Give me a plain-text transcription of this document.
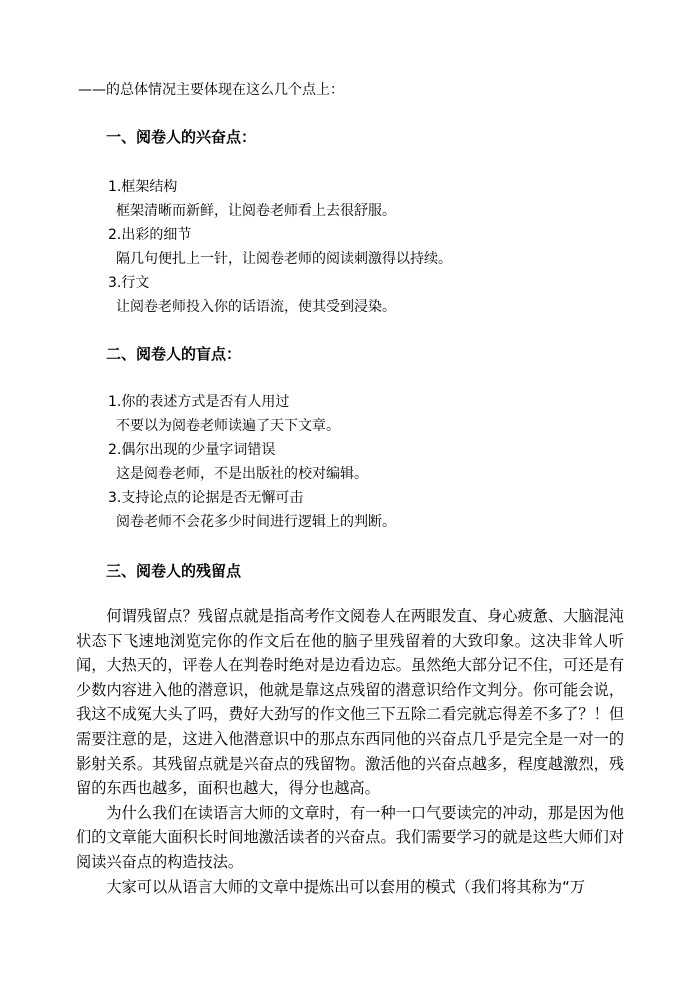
——的总体情况主要体现在这么几个点上：
一、阅卷人的兴奋点：
1.框架结构
框架清晰而新鲜，让阅卷老师看上去很舒服。
2.出彩的细节
隔几句便扎上一针，让阅卷老师的阅读刺激得以持续。
3.行文
让阅卷老师投入你的话语流，使其受到浸染。
二、阅卷人的盲点：
1.你的表述方式是否有人用过
不要以为阅卷老师读遍了天下文章。
2.偶尔出现的少量字词错误
这是阅卷老师，不是出版社的校对编辑。
3.支持论点的论据是否无懈可击
阅卷老师不会花多少时间进行逻辑上的判断。
三、阅卷人的残留点

何谓残留点？残留点就是指高考作文阅卷人在两眼发直、身心疲惫、大脑混沌状态下飞速地浏览完你的作文后在他的脑子里残留着的大致印象。这决非耸人听闻，大热天的，评卷人在判卷时绝对是边看边忘。虽然绝大部分记不住，可还是有少数内容进入他的潜意识，他就是靠这点残留的潜意识给作文判分。你可能会说，我这不成冤大头了吗，费好大劲写的作文他三下五除二看完就忘得差不多了？！但需要注意的是，这进入他潜意识中的那点东西同他的兴奋点几乎是完全是一对一的影射关系。其残留点就是兴奋点的残留物。激活他的兴奋点越多，程度越激烈，残留的东西也越多，面积也越大，得分也越高。

为什么我们在读语言大师的文章时，有一种一口气要读完的冲动，那是因为他们的文章能大面积长时间地激活读者的兴奋点。我们需要学习的就是这些大师们对阅读兴奋点的构造技法。

大家可以从语言大师的文章中提炼出可以套用的模式（我们将其称为“万
